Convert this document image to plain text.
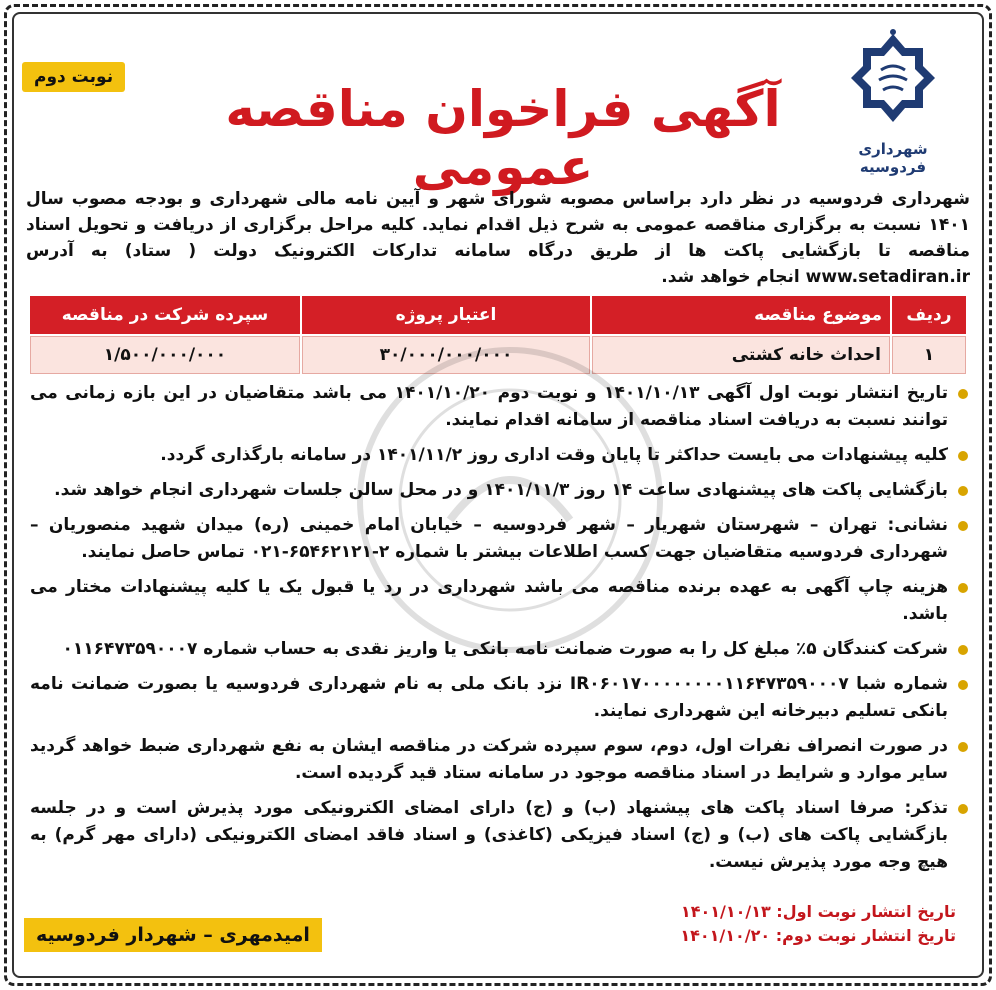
نوبت دوم
آگهی فراخوان مناقصه عمومی	شهرداری فردوسیه
شهرداری فردوسیه در نظر دارد براساس مصوبه شورای شهر و آیین نامه مالی شهرداری و بودجه مصوب سال ۱۴۰۱ نسبت به برگزاری مناقصه عمومی به شرح ذیل اقدام نماید. کلیه مراحل برگزاری از دریافت و تحویل اسناد مناقصه تا بازگشایی پاکت ها از طریق درگاه سامانه تدارکات الکترونیک دولت ( ستاد) به آدرس www.setadiran.ir انجام خواهد شد.
ردیف	موضوع مناقصه	اعتبار پروژه	سپرده شرکت در مناقصه
۱	احداث خانه کشتی	۳۰/۰۰۰/۰۰۰/۰۰۰	۱/۵۰۰/۰۰۰/۰۰۰
تاریخ انتشار نوبت اول آگهی ۱۴۰۱/۱۰/۱۳ و نوبت دوم ۱۴۰۱/۱۰/۲۰ می باشد متقاضیان در این بازه زمانی می توانند نسبت به دریافت اسناد مناقصه از سامانه اقدام نمایند.
کلیه پیشنهادات می بایست حداکثر تا پایان وقت اداری روز ۱۴۰۱/۱۱/۲ در سامانه بارگذاری گردد.
بازگشایی پاکت های پیشنهادی ساعت ۱۴ روز ۱۴۰۱/۱۱/۳ و در محل سالن جلسات شهرداری انجام خواهد شد.
نشانی: تهران – شهرستان شهریار – شهر فردوسیه – خیابان امام خمینی (ره) میدان شهید منصوریان – شهرداری فردوسیه متقاضیان جهت کسب اطلاعات بیشتر با شماره ۲-۶۵۴۶۲۱۲۱-۰۲۱ تماس حاصل نمایند.
هزینه چاپ آگهی به عهده برنده مناقصه می باشد شهرداری در رد یا قبول یک یا کلیه پیشنهادات مختار می باشد.
شرکت کنندگان ۵٪ مبلغ کل را به صورت ضمانت نامه بانکی یا واریز نقدی به حساب شماره ۰۱۱۶۴۷۳۵۹۰۰۰۷
شماره شبا IR۰۶۰۱۷۰۰۰۰۰۰۰۰۱۱۶۴۷۳۵۹۰۰۰۷ نزد بانک ملی به نام شهرداری فردوسیه یا بصورت ضمانت نامه بانکی تسلیم دبیرخانه این شهرداری نمایند.
در صورت انصراف نفرات اول، دوم، سوم سپرده شرکت در مناقصه ایشان به نفع شهرداری ضبط خواهد گردید سایر موارد و شرایط در اسناد مناقصه موجود در سامانه ستاد قید گردیده است.
تذکر: صرفا اسناد پاکت های پیشنهاد (ب) و (ج) دارای امضای الکترونیکی مورد پذیرش است و در جلسه بازگشایی پاکت های (ب) و (ج) اسناد فیزیکی (کاغذی) و اسناد فاقد امضای الکترونیکی (دارای مهر گرم) به هیچ وجه مورد پذیرش نیست.
تاریخ انتشار نوبت اول: ۱۴۰۱/۱۰/۱۳
تاریخ انتشار نوبت دوم: ۱۴۰۱/۱۰/۲۰
امیدمهری – شهردار فردوسیه
